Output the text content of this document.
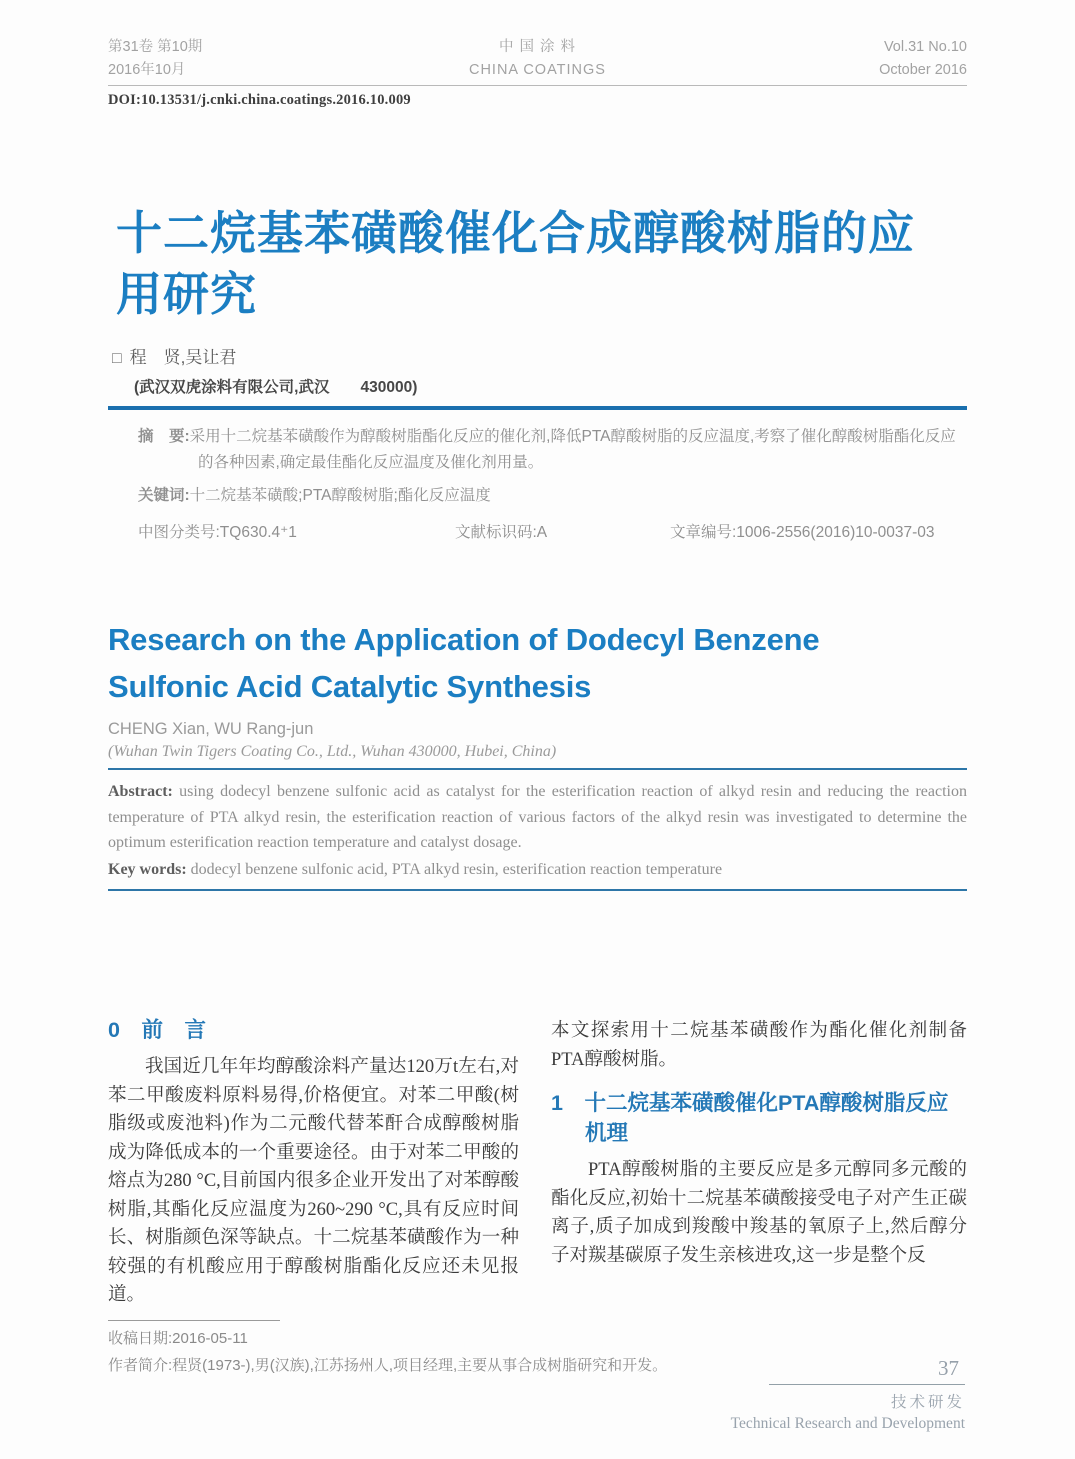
第31卷 第10期
2016年10月
中 国 涂 料
CHINA COATINGS
Vol.31 No.10
October 2016
DOI:10.13531/j.cnki.china.coatings.2016.10.009
十二烷基苯磺酸催化合成醇酸树脂的应用研究
□ 程　贤,吴让君
(武汉双虎涂料有限公司,武汉　　430000)
摘　要:采用十二烷基苯磺酸作为醇酸树脂酯化反应的催化剂,降低PTA醇酸树脂的反应温度,考察了催化醇酸树脂酯化反应的各种因素,确定最佳酯化反应温度及催化剂用量。
关键词:十二烷基苯磺酸;PTA醇酸树脂;酯化反应温度
中图分类号:TQ630.4⁺1	文献标识码:A	文章编号:1006-2556(2016)10-0037-03
Research on the Application of Dodecyl Benzene Sulfonic Acid Catalytic Synthesis
CHENG Xian, WU Rang-jun
(Wuhan Twin Tigers Coating Co., Ltd., Wuhan 430000, Hubei, China)
Abstract: using dodecyl benzene sulfonic acid as catalyst for the esterification reaction of alkyd resin and reducing the reaction temperature of PTA alkyd resin, the esterification reaction of various factors of the alkyd resin was investigated to determine the optimum esterification reaction temperature and catalyst dosage.
Key words: dodecyl benzene sulfonic acid, PTA alkyd resin, esterification reaction temperature
0　前　言

我国近几年年均醇酸涂料产量达120万t左右,对苯二甲酸废料原料易得,价格便宜。对苯二甲酸(树脂级或废池料)作为二元酸代替苯酐合成醇酸树脂成为降低成本的一个重要途径。由于对苯二甲酸的熔点为280 °C,目前国内很多企业开发出了对苯醇酸树脂,其酯化反应温度为260~290 °C,具有反应时间长、树脂颜色深等缺点。十二烷基苯磺酸作为一种较强的有机酸应用于醇酸树脂酯化反应还未见报道。

本文探索用十二烷基苯磺酸作为酯化催化剂制备PTA醇酸树脂。

1　十二烷基苯磺酸催化PTA醇酸树脂反应机理

PTA醇酸树脂的主要反应是多元醇同多元酸的酯化反应,初始十二烷基苯磺酸接受电子对产生正碳离子,质子加成到羧酸中羧基的氧原子上,然后醇分子对羰基碳原子发生亲核进攻,这一步是整个反

收稿日期:2016-05-11
作者简介:程贤(1973-),男(汉族),江苏扬州人,项目经理,主要从事合成树脂研究和开发。	37
技术研发
Technical Research and Development
